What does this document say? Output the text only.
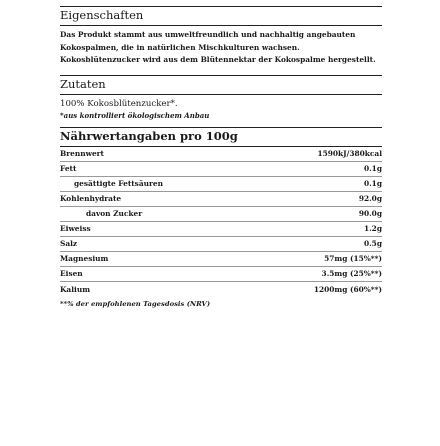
Eigenschaften
Das Produkt stammt aus umweltfreundlich und nachhaltig angebauten Kokospalmen, die in natürlichen Mischkulturen wachsen. Kokosblütenzucker wird aus dem Blütennektar der Kokospalme hergestellt.
Zutaten
100% Kokosblütenzucker*.
*aus kontrolliert ökologischem Anbau
Nährwertangaben pro 100g
Brennwert	1590kJ/380kcal
Fett	0.1g
gesättigte Fettsäuren	0.1g
Kohlenhydrate	92.0g
davon Zucker	90.0g
Eiweiss	1.2g
Salz	0.5g
Magnesium	57mg (15%**)
Eisen	3.5mg (25%**)
Kalium	1200mg (60%**)
**% der empfohlenen Tagesdosis (NRV)
